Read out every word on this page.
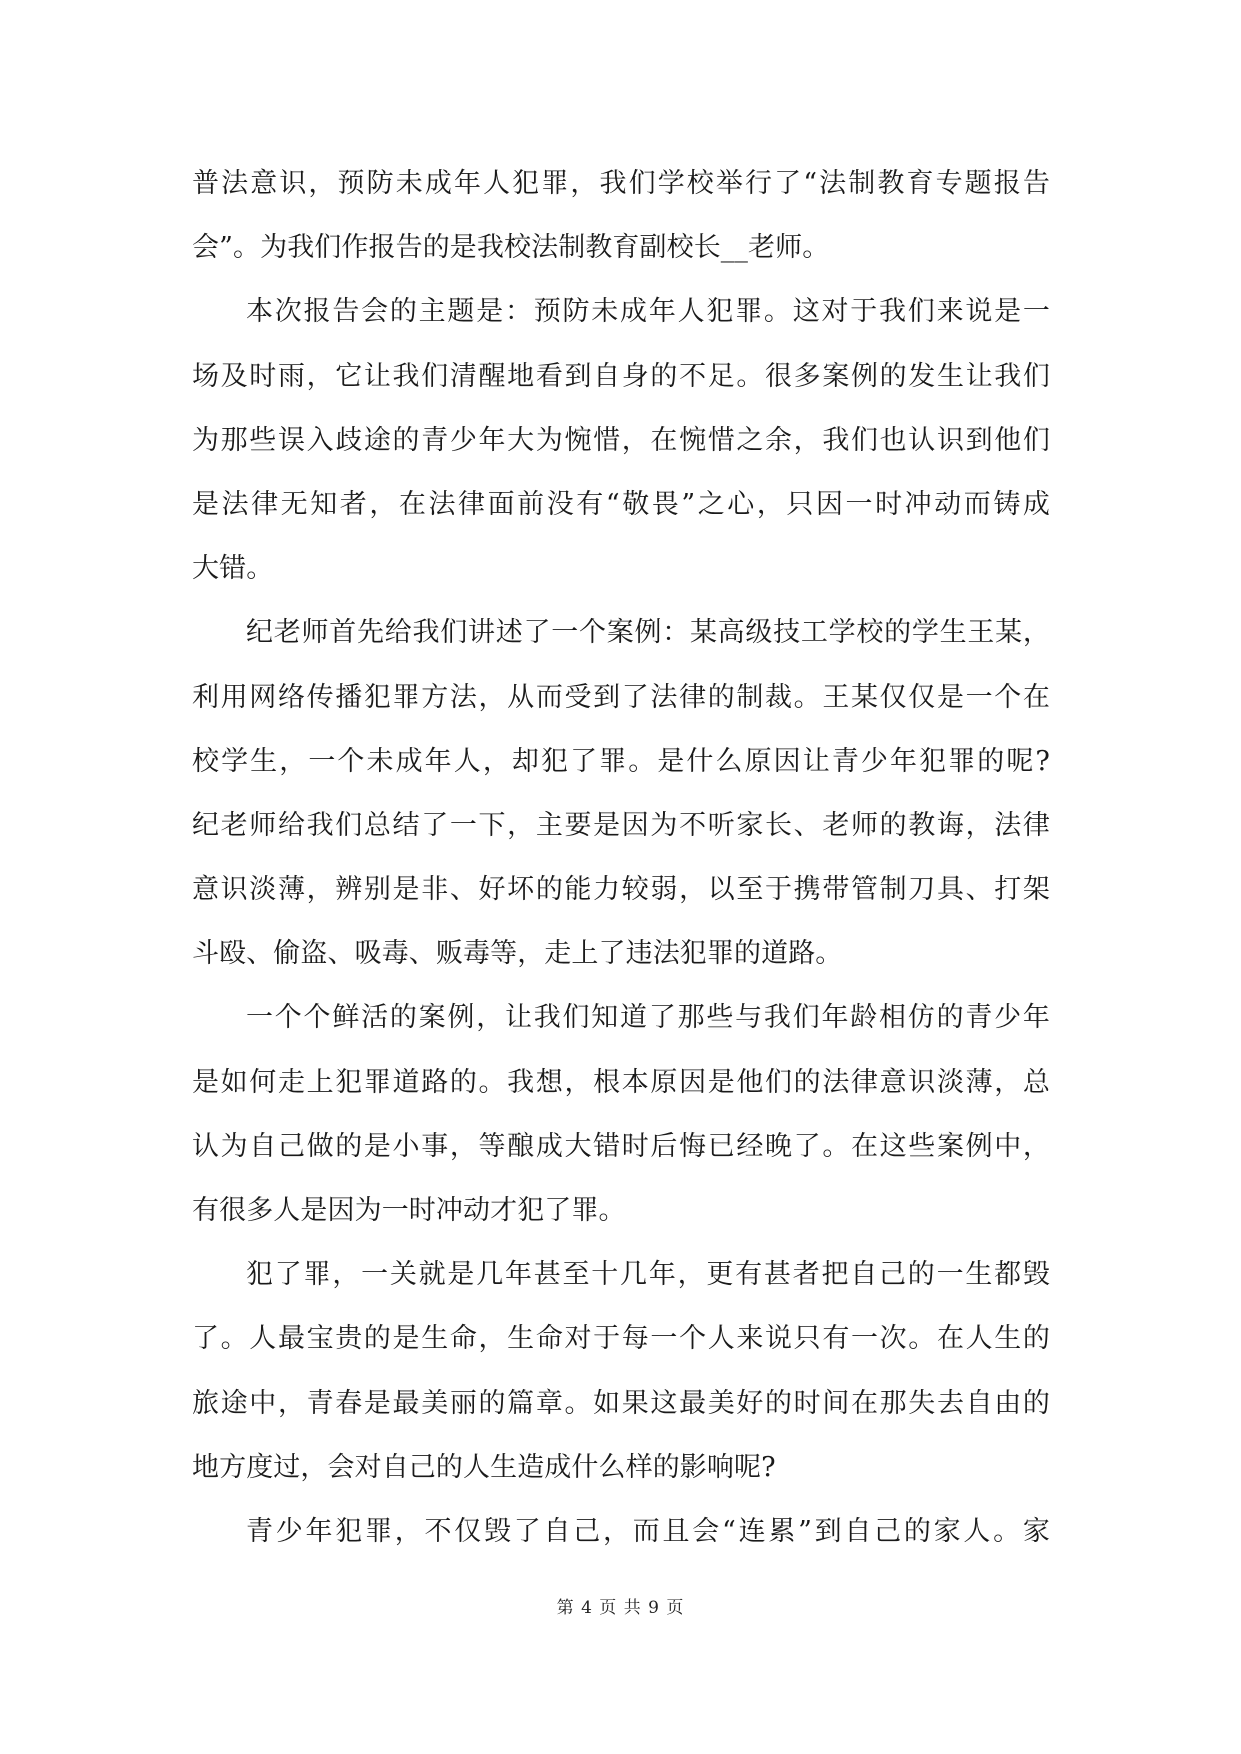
普法意识，预防未成年人犯罪，我们学校举行了“法制教育专题报告
会”。为我们作报告的是我校法制教育副校长__老师。
本次报告会的主题是：预防未成年人犯罪。这对于我们来说是一
场及时雨，它让我们清醒地看到自身的不足。很多案例的发生让我们
为那些误入歧途的青少年大为惋惜，在惋惜之余，我们也认识到他们
是法律无知者，在法律面前没有“敬畏”之心，只因一时冲动而铸成
大错。
纪老师首先给我们讲述了一个案例：某高级技工学校的学生王某，
利用网络传播犯罪方法，从而受到了法律的制裁。王某仅仅是一个在
校学生，一个未成年人，却犯了罪。是什么原因让青少年犯罪的呢?
纪老师给我们总结了一下，主要是因为不听家长、老师的教诲，法律
意识淡薄，辨别是非、好坏的能力较弱，以至于携带管制刀具、打架
斗殴、偷盗、吸毒、贩毒等，走上了违法犯罪的道路。
一个个鲜活的案例，让我们知道了那些与我们年龄相仿的青少年
是如何走上犯罪道路的。我想，根本原因是他们的法律意识淡薄，总
认为自己做的是小事，等酿成大错时后悔已经晚了。在这些案例中，
有很多人是因为一时冲动才犯了罪。
犯了罪，一关就是几年甚至十几年，更有甚者把自己的一生都毁
了。人最宝贵的是生命，生命对于每一个人来说只有一次。在人生的
旅途中，青春是最美丽的篇章。如果这最美好的时间在那失去自由的
地方度过，会对自己的人生造成什么样的影响呢?
青少年犯罪，不仅毁了自己，而且会“连累”到自己的家人。家
第 4 页 共 9 页
